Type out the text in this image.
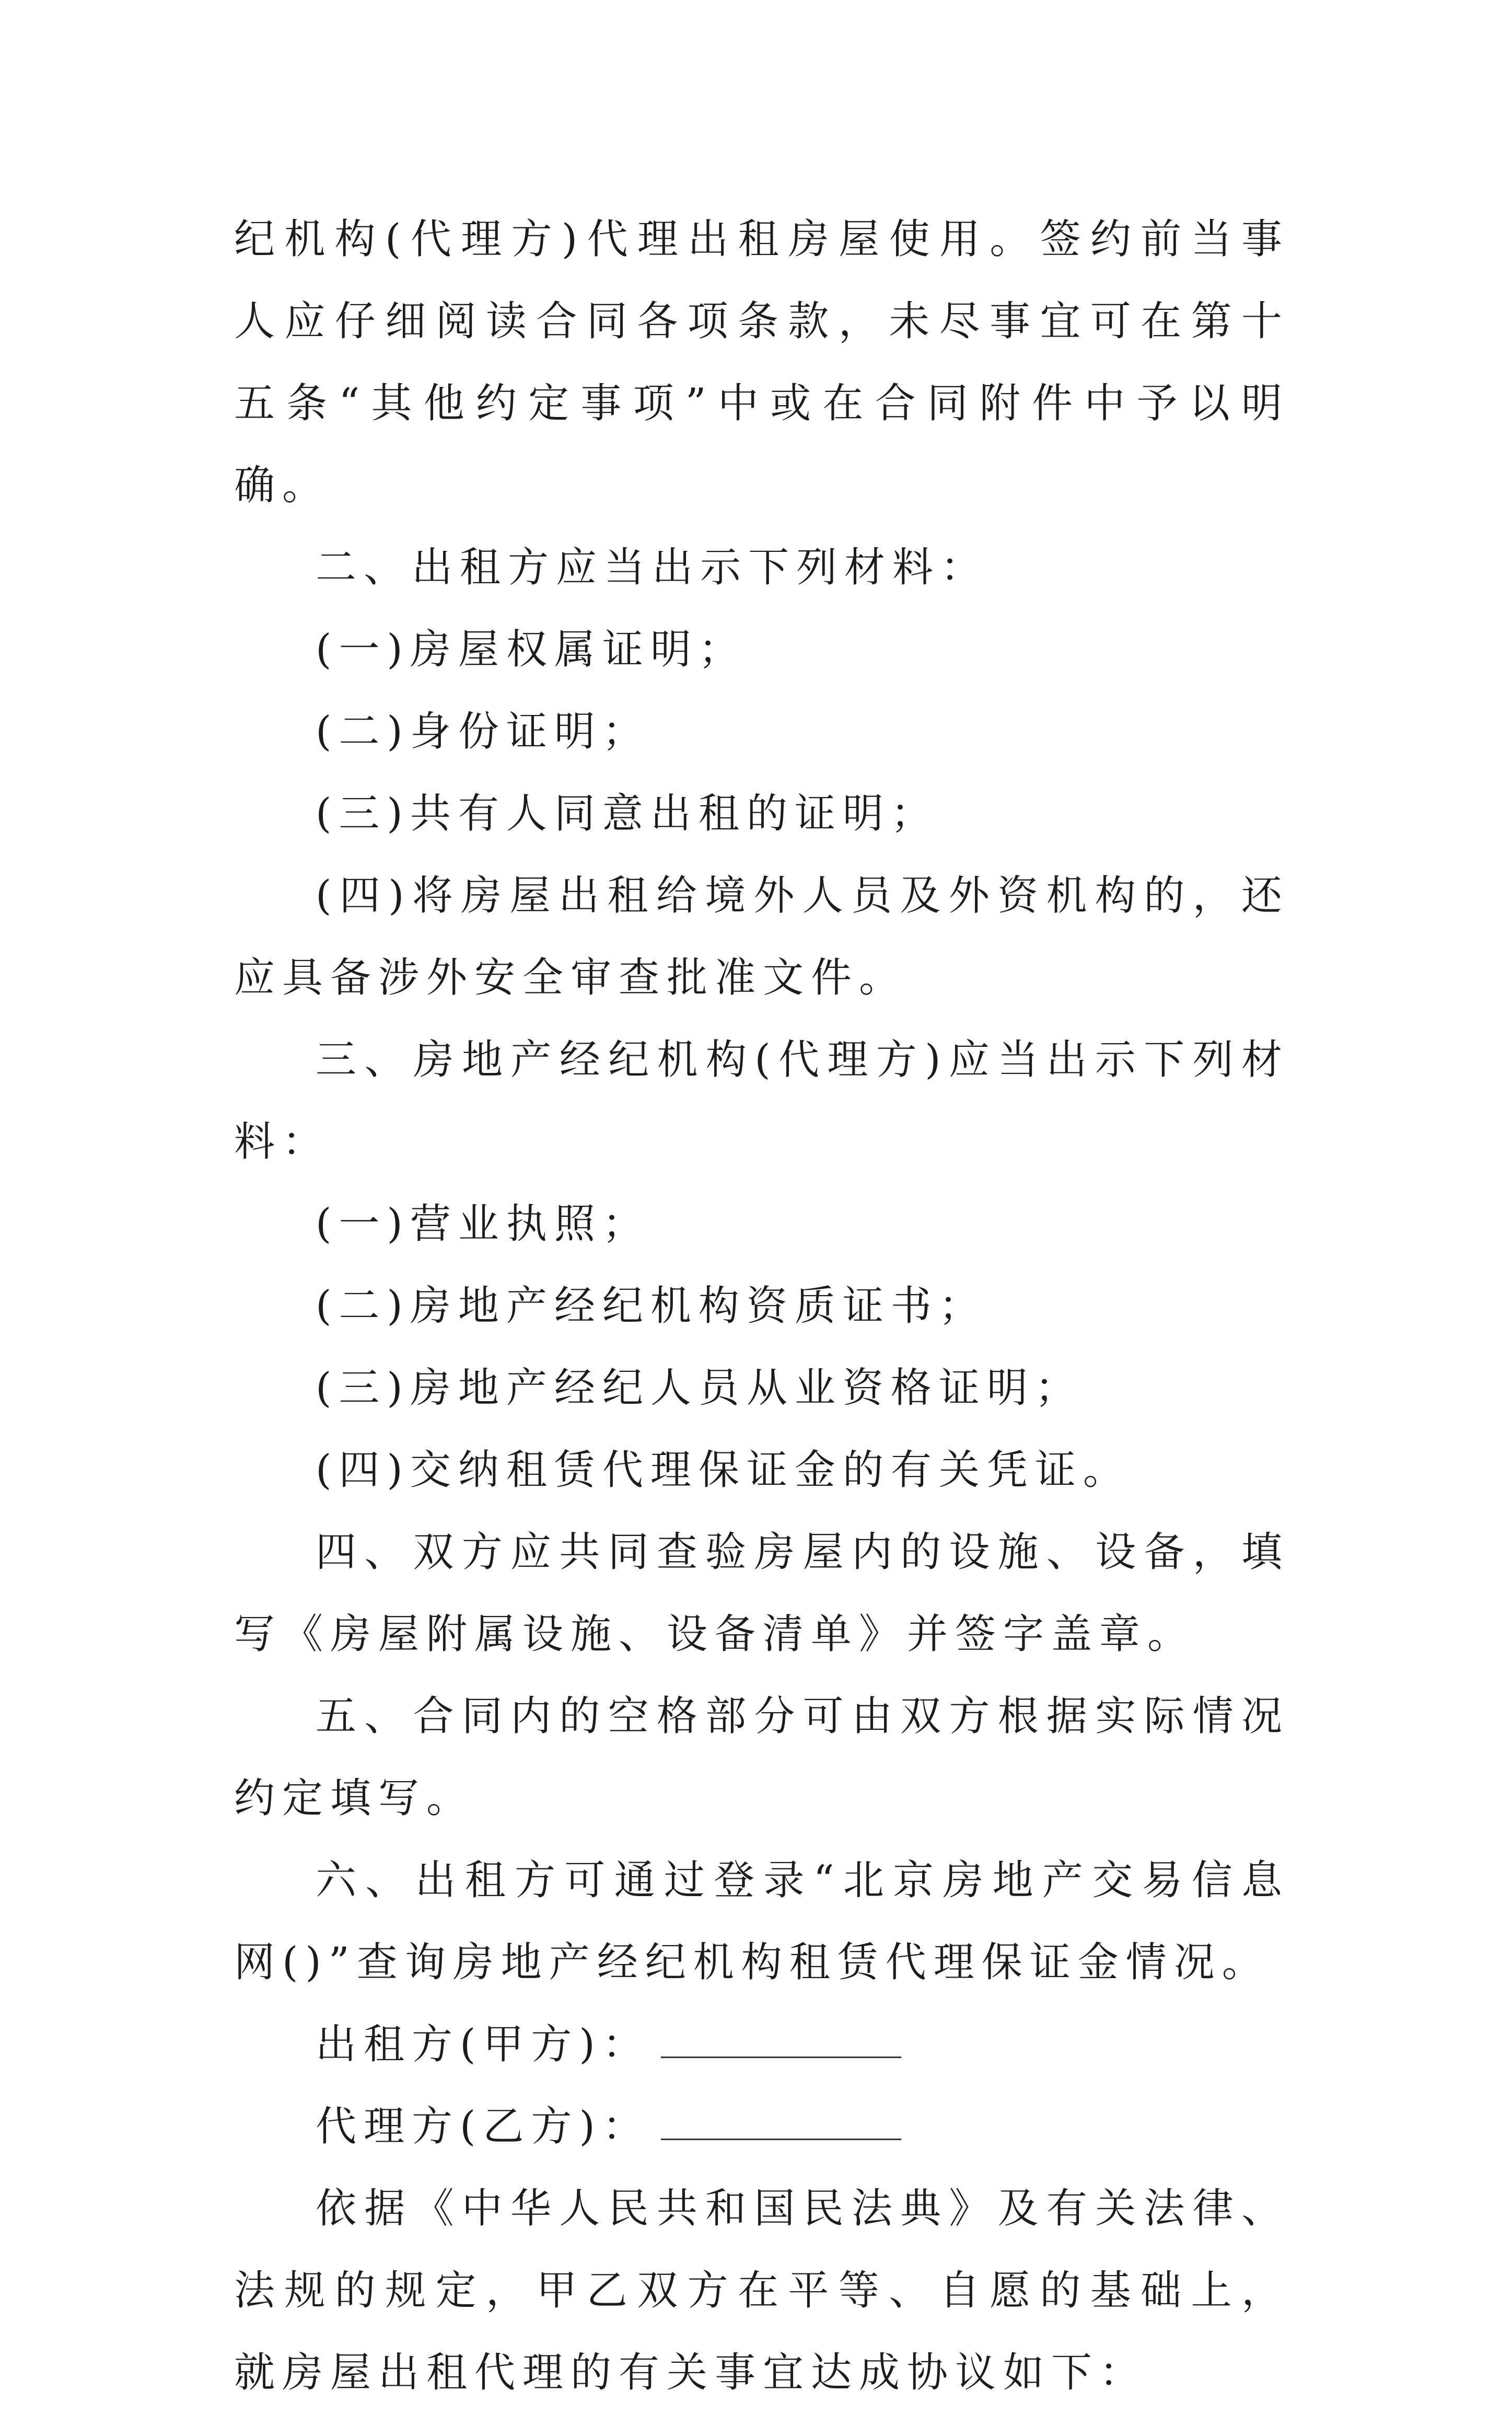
纪机构(代理方)代理出租房屋使用。签约前当事人应仔细阅读合同各项条款，未尽事宜可在第十五条“其他约定事项”中或在合同附件中予以明确。

二、出租方应当出示下列材料：

(一)房屋权属证明；

(二)身份证明；

(三)共有人同意出租的证明；

(四)将房屋出租给境外人员及外资机构的，还应具备涉外安全审查批准文件。

三、房地产经纪机构(代理方)应当出示下列材料：

(一)营业执照；

(二)房地产经纪机构资质证书；

(三)房地产经纪人员从业资格证明；

(四)交纳租赁代理保证金的有关凭证。

四、双方应共同查验房屋内的设施、设备，填写《房屋附属设施、设备清单》并签字盖章。

五、合同内的空格部分可由双方根据实际情况约定填写。

六、出租方可通过登录“北京房地产交易信息网()”查询房地产经纪机构租赁代理保证金情况。

出租方(甲方)：

代理方(乙方)：

依据《中华人民共和国民法典》及有关法律、法规的规定，甲乙双方在平等、自愿的基础上，就房屋出租代理的有关事宜达成协议如下：
